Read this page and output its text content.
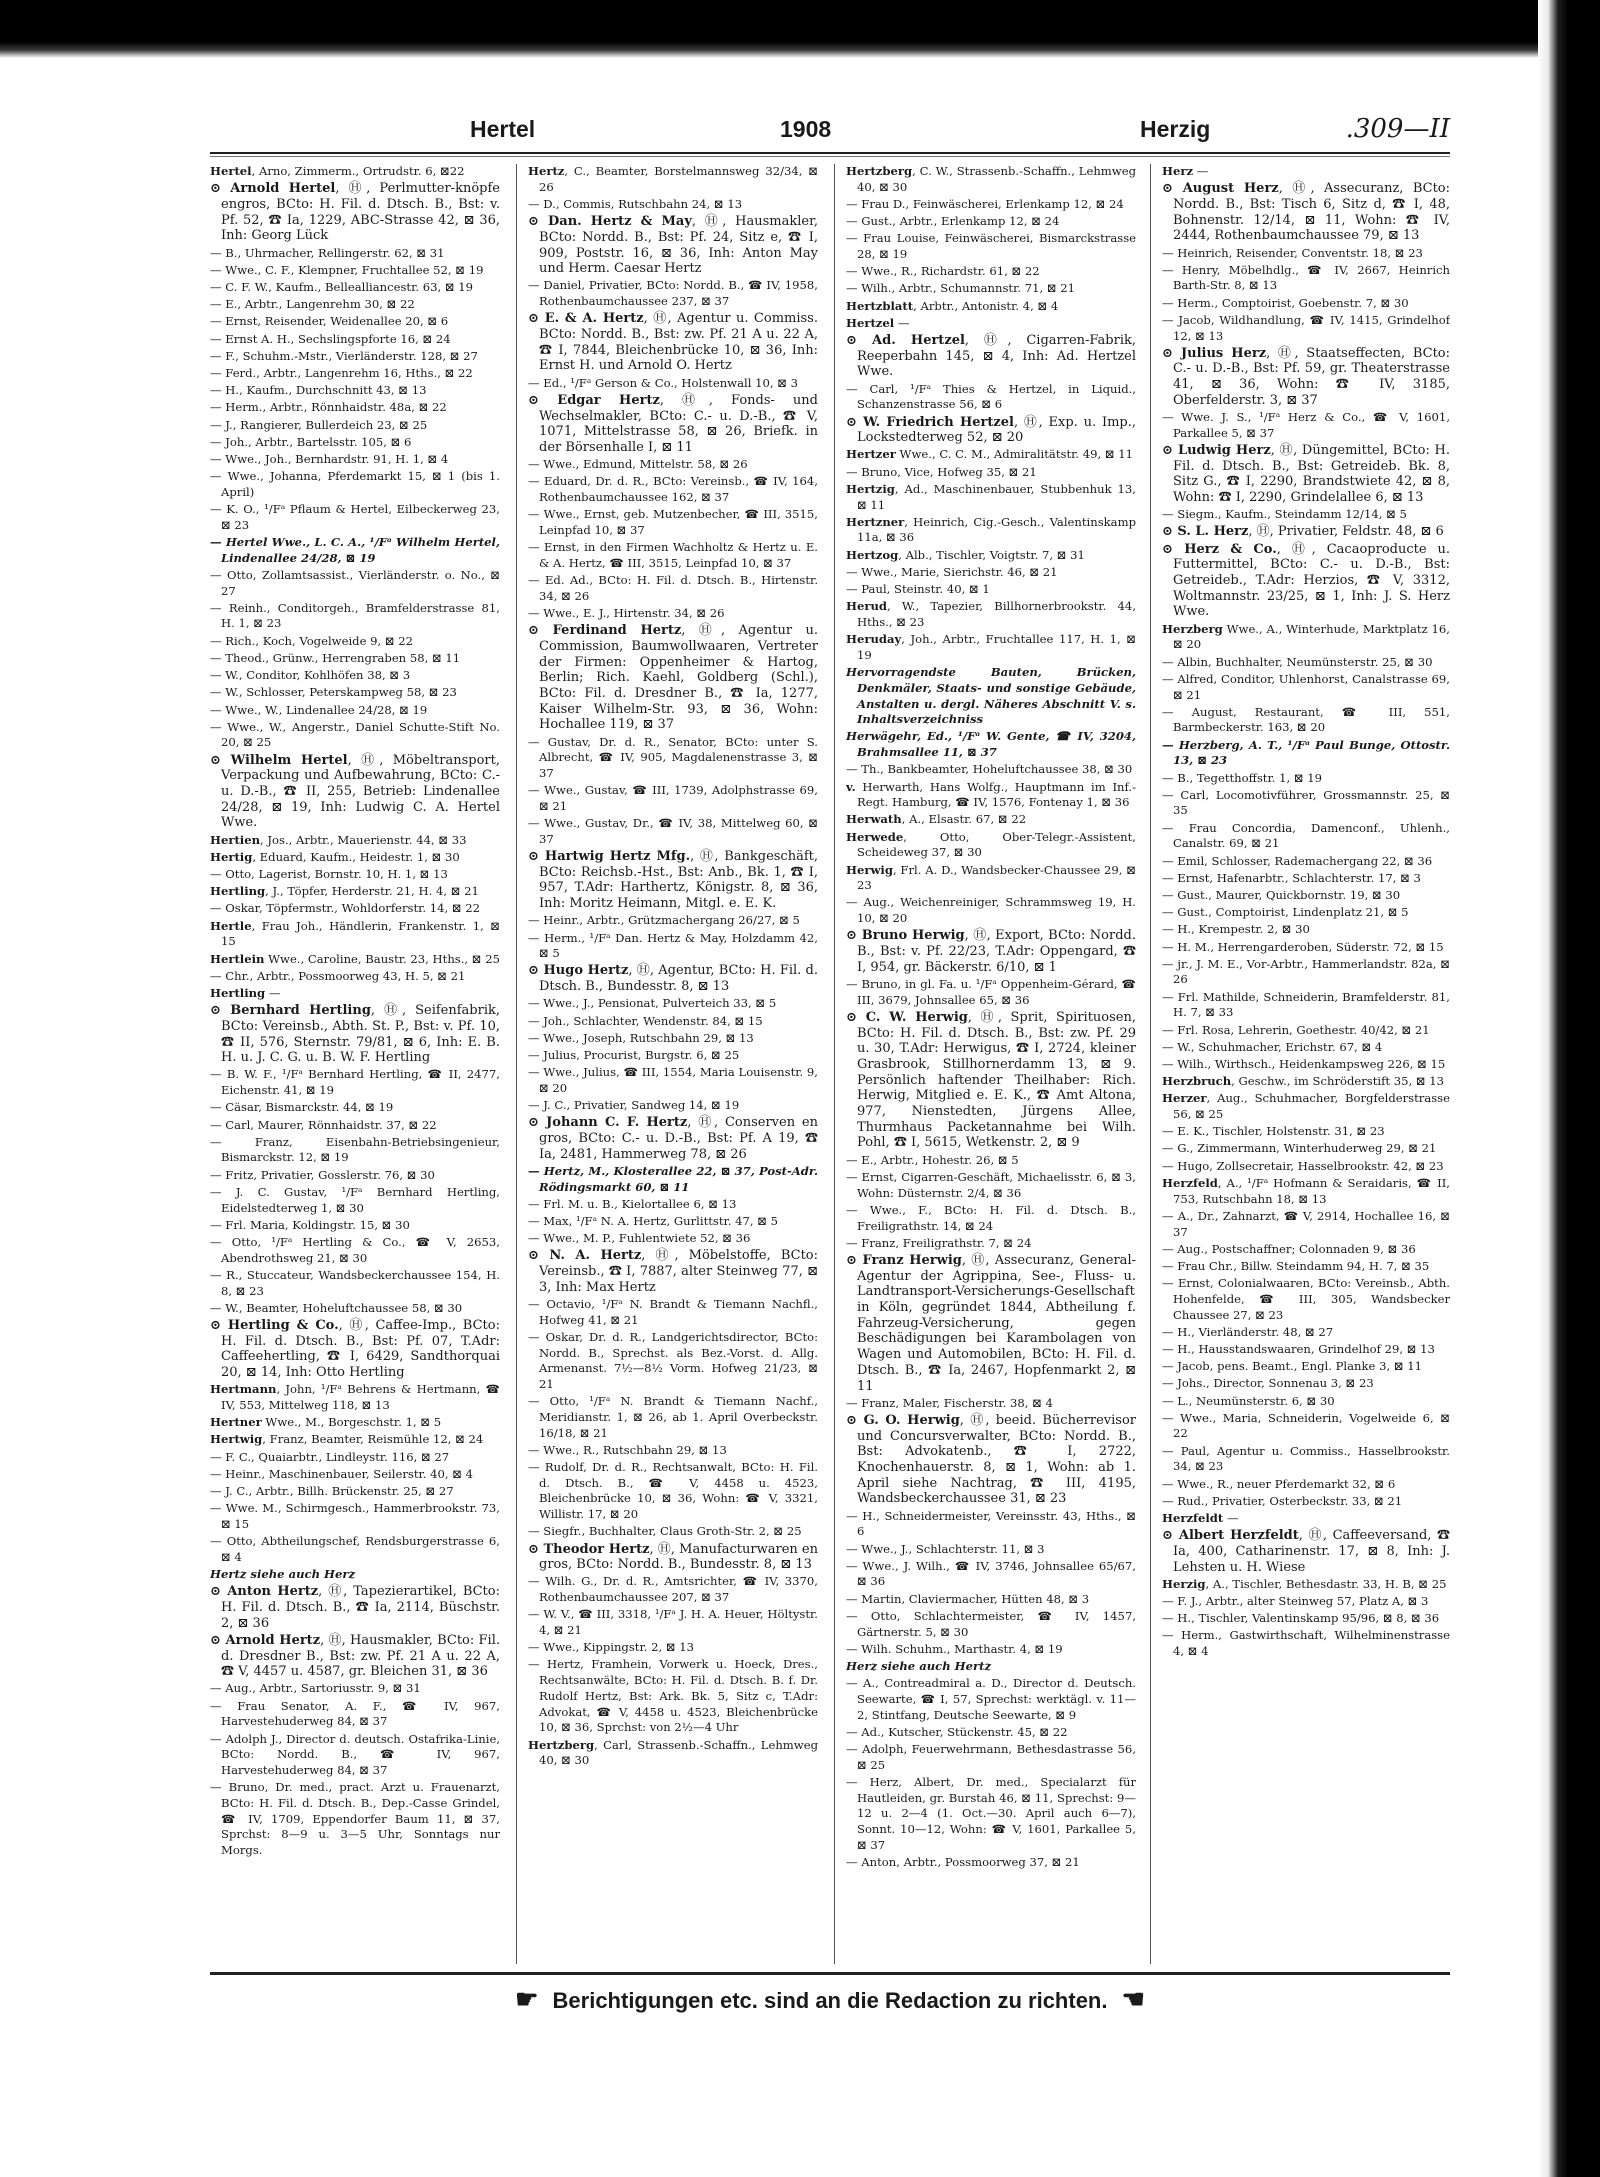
Hertel	1908	Herzig	.309—II

Hertel, Arno, Zimmerm., Ortrudstr. 6, ⊠22

⊙ Arnold Hertel, Ⓗ, Perlmutter-knöpfe engros, BCto: H. Fil. d. Dtsch. B., Bst: v. Pf. 52, ☎ Ia, 1229, ABC-Strasse 42, ⊠ 36, Inh: Georg Lück

— B., Uhrmacher, Rellingerstr. 62, ⊠ 31

— Wwe., C. F., Klempner, Fruchtallee 52, ⊠ 19

— C. F. W., Kaufm., Bellealliancestr. 63, ⊠ 19

— E., Arbtr., Langenrehm 30, ⊠ 22

— Ernst, Reisender, Weidenallee 20, ⊠ 6

— Ernst A. H., Sechslingspforte 16, ⊠ 24

— F., Schuhm.-Mstr., Vierländerstr. 128, ⊠ 27

— Ferd., Arbtr., Langenrehm 16, Hths., ⊠ 22

— H., Kaufm., Durchschnitt 43, ⊠ 13

— Herm., Arbtr., Rönnhaidstr. 48a, ⊠ 22

— J., Rangierer, Bullerdeich 23, ⊠ 25

— Joh., Arbtr., Bartelsstr. 105, ⊠ 6

— Wwe., Joh., Bernhardstr. 91, H. 1, ⊠ 4

— Wwe., Johanna, Pferdemarkt 15, ⊠ 1 (bis 1. April)

— K. O., ¹/Fᵃ Pflaum & Hertel, Eilbeckerweg 23, ⊠ 23

— Hertel Wwe., L. C. A., ¹/Fᵃ Wilhelm Hertel, Lindenallee 24/28, ⊠ 19

— Otto, Zollamtsassist., Vierländerstr. o. No., ⊠ 27

— Reinh., Conditorgeh., Bramfelderstrasse 81, H. 1, ⊠ 23

— Rich., Koch, Vogelweide 9, ⊠ 22

— Theod., Grünw., Herrengraben 58, ⊠ 11

— W., Conditor, Kohlhöfen 38, ⊠ 3

— W., Schlosser, Peterskampweg 58, ⊠ 23

— Wwe., W., Lindenallee 24/28, ⊠ 19

— Wwe., W., Angerstr., Daniel Schutte-Stift No. 20, ⊠ 25

⊙ Wilhelm Hertel, Ⓗ, Möbeltransport, Verpackung und Aufbewahrung, BCto: C.- u. D.-B., ☎ II, 255, Betrieb: Lindenallee 24/28, ⊠ 19, Inh: Ludwig C. A. Hertel Wwe.

Hertien, Jos., Arbtr., Mauerienstr. 44, ⊠ 33

Hertig, Eduard, Kaufm., Heidestr. 1, ⊠ 30

— Otto, Lagerist, Bornstr. 10, H. 1, ⊠ 13

Hertling, J., Töpfer, Herderstr. 21, H. 4, ⊠ 21

— Oskar, Töpfermstr., Wohldorferstr. 14, ⊠ 22

Hertle, Frau Joh., Händlerin, Frankenstr. 1, ⊠ 15

Hertlein Wwe., Caroline, Baustr. 23, Hths., ⊠ 25

— Chr., Arbtr., Possmoorweg 43, H. 5, ⊠ 21

Hertling —

⊙ Bernhard Hertling, Ⓗ, Seifenfabrik, BCto: Vereinsb., Abth. St. P., Bst: v. Pf. 10, ☎ II, 576, Sternstr. 79/81, ⊠ 6, Inh: E. B. H. u. J. C. G. u. B. W. F. Hertling

— B. W. F., ¹/Fᵃ Bernhard Hertling, ☎ II, 2477, Eichenstr. 41, ⊠ 19

— Cäsar, Bismarckstr. 44, ⊠ 19

— Carl, Maurer, Rönnhaidstr. 37, ⊠ 22

— Franz, Eisenbahn-Betriebsingenieur, Bismarckstr. 12, ⊠ 19

— Fritz, Privatier, Gosslerstr. 76, ⊠ 30

— J. C. Gustav, ¹/Fᵃ Bernhard Hertling, Eidelstedterweg 1, ⊠ 30

— Frl. Maria, Koldingstr. 15, ⊠ 30

— Otto, ¹/Fᵃ Hertling & Co., ☎ V, 2653, Abendrothsweg 21, ⊠ 30

— R., Stuccateur, Wandsbeckerchaussee 154, H. 8, ⊠ 23

— W., Beamter, Hoheluftchaussee 58, ⊠ 30

⊙ Hertling & Co., Ⓗ, Caffee-Imp., BCto: H. Fil. d. Dtsch. B., Bst: Pf. 07, T.Adr: Caffeehertling, ☎ I, 6429, Sandthorquai 20, ⊠ 14, Inh: Otto Hertling

Hertmann, John, ¹/Fᵃ Behrens & Hertmann, ☎ IV, 553, Mittelweg 118, ⊠ 13

Hertner Wwe., M., Borgeschstr. 1, ⊠ 5

Hertwig, Franz, Beamter, Reismühle 12, ⊠ 24

— F. C., Quaiarbtr., Lindleystr. 116, ⊠ 27

— Heinr., Maschinenbauer, Seilerstr. 40, ⊠ 4

— J. C., Arbtr., Billh. Brückenstr. 25, ⊠ 27

— Wwe. M., Schirmgesch., Hammerbrookstr. 73, ⊠ 15

— Otto, Abtheilungschef, Rendsburgerstrasse 6, ⊠ 4

Hertz siehe auch Herz

⊙ Anton Hertz, Ⓗ, Tapezierartikel, BCto: H. Fil. d. Dtsch. B., ☎ Ia, 2114, Büschstr. 2, ⊠ 36

⊙ Arnold Hertz, Ⓗ, Hausmakler, BCto: Fil. d. Dresdner B., Bst: zw. Pf. 21 A u. 22 A, ☎ V, 4457 u. 4587, gr. Bleichen 31, ⊠ 36

— Aug., Arbtr., Sartoriusstr. 9, ⊠ 31

— Frau Senator, A. F., ☎ IV, 967, Harvestehuderweg 84, ⊠ 37

— Adolph J., Director d. deutsch. Ostafrika-Linie, BCto: Nordd. B., ☎ IV, 967, Harvestehuderweg 84, ⊠ 37

— Bruno, Dr. med., pract. Arzt u. Frauenarzt, BCto: H. Fil. d. Dtsch. B., Dep.-Casse Grindel, ☎ IV, 1709, Eppendorfer Baum 11, ⊠ 37, Sprchst: 8—9 u. 3—5 Uhr, Sonntags nur Morgs.

Hertz, C., Beamter, Borstelmannsweg 32/34, ⊠ 26

— D., Commis, Rutschbahn 24, ⊠ 13

⊙ Dan. Hertz & May, Ⓗ, Hausmakler, BCto: Nordd. B., Bst: Pf. 24, Sitz e, ☎ I, 909, Poststr. 16, ⊠ 36, Inh: Anton May und Herm. Caesar Hertz

— Daniel, Privatier, BCto: Nordd. B., ☎ IV, 1958, Rothenbaumchaussee 237, ⊠ 37

⊙ E. & A. Hertz, Ⓗ, Agentur u. Commiss. BCto: Nordd. B., Bst: zw. Pf. 21 A u. 22 A, ☎ I, 7844, Bleichenbrücke 10, ⊠ 36, Inh: Ernst H. und Arnold O. Hertz

— Ed., ¹/Fᵃ Gerson & Co., Holstenwall 10, ⊠ 3

⊙ Edgar Hertz, Ⓗ, Fonds- und Wechselmakler, BCto: C.- u. D.-B., ☎ V, 1071, Mittelstrasse 58, ⊠ 26, Briefk. in der Börsenhalle I, ⊠ 11

— Wwe., Edmund, Mittelstr. 58, ⊠ 26

— Eduard, Dr. d. R., BCto: Vereinsb., ☎ IV, 164, Rothenbaumchaussee 162, ⊠ 37

— Wwe., Ernst, geb. Mutzenbecher, ☎ III, 3515, Leinpfad 10, ⊠ 37

— Ernst, in den Firmen Wachholtz & Hertz u. E. & A. Hertz, ☎ III, 3515, Leinpfad 10, ⊠ 37

— Ed. Ad., BCto: H. Fil. d. Dtsch. B., Hirtenstr. 34, ⊠ 26

— Wwe., E. J., Hirtenstr. 34, ⊠ 26

⊙ Ferdinand Hertz, Ⓗ, Agentur u. Commission, Baumwollwaaren, Vertreter der Firmen: Oppenheimer & Hartog, Berlin; Rich. Kaehl, Goldberg (Schl.), BCto: Fil. d. Dresdner B., ☎ Ia, 1277, Kaiser Wilhelm-Str. 93, ⊠ 36, Wohn: Hochallee 119, ⊠ 37

— Gustav, Dr. d. R., Senator, BCto: unter S. Albrecht, ☎ IV, 905, Magdalenenstrasse 3, ⊠ 37

— Wwe., Gustav, ☎ III, 1739, Adolphstrasse 69, ⊠ 21

— Wwe., Gustav, Dr., ☎ IV, 38, Mittelweg 60, ⊠ 37

⊙ Hartwig Hertz Mfg., Ⓗ, Bankgeschäft, BCto: Reichsb.-Hst., Bst: Anb., Bk. 1, ☎ I, 957, T.Adr: Harthertz, Königstr. 8, ⊠ 36, Inh: Moritz Heimann, Mitgl. e. E. K.

— Heinr., Arbtr., Grützmachergang 26/27, ⊠ 5

— Herm., ¹/Fᵃ Dan. Hertz & May, Holzdamm 42, ⊠ 5

⊙ Hugo Hertz, Ⓗ, Agentur, BCto: H. Fil. d. Dtsch. B., Bundesstr. 8, ⊠ 13

— Wwe., J., Pensionat, Pulverteich 33, ⊠ 5

— Joh., Schlachter, Wendenstr. 84, ⊠ 15

— Wwe., Joseph, Rutschbahn 29, ⊠ 13

— Julius, Procurist, Burgstr. 6, ⊠ 25

— Wwe., Julius, ☎ III, 1554, Maria Louisenstr. 9, ⊠ 20

— J. C., Privatier, Sandweg 14, ⊠ 19

⊙ Johann C. F. Hertz, Ⓗ, Conserven en gros, BCto: C.- u. D.-B., Bst: Pf. A 19, ☎ Ia, 2481, Hammerweg 78, ⊠ 26

— Hertz, M., Klosterallee 22, ⊠ 37, Post-Adr. Rödingsmarkt 60, ⊠ 11

— Frl. M. u. B., Kielortallee 6, ⊠ 13

— Max, ¹/Fᵃ N. A. Hertz, Gurlittstr. 47, ⊠ 5

— Wwe., M. P., Fuhlentwiete 52, ⊠ 36

⊙ N. A. Hertz, Ⓗ, Möbelstoffe, BCto: Vereinsb., ☎ I, 7887, alter Steinweg 77, ⊠ 3, Inh: Max Hertz

— Octavio, ¹/Fᵃ N. Brandt & Tiemann Nachfl., Hofweg 41, ⊠ 21

— Oskar, Dr. d. R., Landgerichtsdirector, BCto: Nordd. B., Sprechst. als Bez.-Vorst. d. Allg. Armenanst. 7½—8½ Vorm. Hofweg 21/23, ⊠ 21

— Otto, ¹/Fᵃ N. Brandt & Tiemann Nachf., Meridianstr. 1, ⊠ 26, ab 1. April Overbeckstr. 16/18, ⊠ 21

— Wwe., R., Rutschbahn 29, ⊠ 13

— Rudolf, Dr. d. R., Rechtsanwalt, BCto: H. Fil. d. Dtsch. B., ☎ V, 4458 u. 4523, Bleichenbrücke 10, ⊠ 36, Wohn: ☎ V, 3321, Willistr. 17, ⊠ 20

— Siegfr., Buchhalter, Claus Groth-Str. 2, ⊠ 25

⊙ Theodor Hertz, Ⓗ, Manufacturwaren en gros, BCto: Nordd. B., Bundesstr. 8, ⊠ 13

— Wilh. G., Dr. d. R., Amtsrichter, ☎ IV, 3370, Rothenbaumchaussee 207, ⊠ 37

— W. V., ☎ III, 3318, ¹/Fᵃ J. H. A. Heuer, Höltystr. 4, ⊠ 21

— Wwe., Kippingstr. 2, ⊠ 13

— Hertz, Framhein, Vorwerk u. Hoeck, Dres., Rechtsanwälte, BCto: H. Fil. d. Dtsch. B. f. Dr. Rudolf Hertz, Bst: Ark. Bk. 5, Sitz c, T.Adr: Advokat, ☎ V, 4458 u. 4523, Bleichenbrücke 10, ⊠ 36, Sprchst: von 2½—4 Uhr

Hertzberg, Carl, Strassenb.-Schaffn., Lehmweg 40, ⊠ 30

Hertzberg, C. W., Strassenb.-Schaffn., Lehmweg 40, ⊠ 30

— Frau D., Feinwäscherei, Erlenkamp 12, ⊠ 24

— Gust., Arbtr., Erlenkamp 12, ⊠ 24

— Frau Louise, Feinwäscherei, Bismarckstrasse 28, ⊠ 19

— Wwe., R., Richardstr. 61, ⊠ 22

— Wilh., Arbtr., Schumannstr. 71, ⊠ 21

Hertzblatt, Arbtr., Antonistr. 4, ⊠ 4

Hertzel —

⊙ Ad. Hertzel, Ⓗ, Cigarren-Fabrik, Reeperbahn 145, ⊠ 4, Inh: Ad. Hertzel Wwe.

— Carl, ¹/Fᵃ Thies & Hertzel, in Liquid., Schanzenstrasse 56, ⊠ 6

⊙ W. Friedrich Hertzel, Ⓗ, Exp. u. Imp., Lockstedterweg 52, ⊠ 20

Hertzer Wwe., C. C. M., Admiralitätstr. 49, ⊠ 11

— Bruno, Vice, Hofweg 35, ⊠ 21

Hertzig, Ad., Maschinenbauer, Stubbenhuk 13, ⊠ 11

Hertzner, Heinrich, Cig.-Gesch., Valentinskamp 11a, ⊠ 36

Hertzog, Alb., Tischler, Voigtstr. 7, ⊠ 31

— Wwe., Marie, Sierichstr. 46, ⊠ 21

— Paul, Steinstr. 40, ⊠ 1

Herud, W., Tapezier, Billhornerbrookstr. 44, Hths., ⊠ 23

Heruday, Joh., Arbtr., Fruchtallee 117, H. 1, ⊠ 19

Hervorragendste Bauten, Brücken, Denkmäler, Staats- und sonstige Gebäude, Anstalten u. dergl. Näheres Abschnitt V. s. Inhaltsverzeichniss

Herwägehr, Ed., ¹/Fᵃ W. Gente, ☎ IV, 3204, Brahmsallee 11, ⊠ 37

— Th., Bankbeamter, Hoheluftchaussee 38, ⊠ 30

v. Herwarth, Hans Wolfg., Hauptmann im Inf.-Regt. Hamburg, ☎ IV, 1576, Fontenay 1, ⊠ 36

Herwath, A., Elsastr. 67, ⊠ 22

Herwede, Otto, Ober-Telegr.-Assistent, Scheideweg 37, ⊠ 30

Herwig, Frl. A. D., Wandsbecker-Chaussee 29, ⊠ 23

— Aug., Weichenreiniger, Schrammsweg 19, H. 10, ⊠ 20

⊙ Bruno Herwig, Ⓗ, Export, BCto: Nordd. B., Bst: v. Pf. 22/23, T.Adr: Oppengard, ☎ I, 954, gr. Bäckerstr. 6/10, ⊠ 1

— Bruno, in gl. Fa. u. ¹/Fᵃ Oppenheim-Gérard, ☎ III, 3679, Johnsallee 65, ⊠ 36

⊙ C. W. Herwig, Ⓗ, Sprit, Spirituosen, BCto: H. Fil. d. Dtsch. B., Bst: zw. Pf. 29 u. 30, T.Adr: Herwigus, ☎ I, 2724, kleiner Grasbrook, Stillhornerdamm 13, ⊠ 9. Persönlich haftender Theilhaber: Rich. Herwig, Mitglied e. E. K., ☎ Amt Altona, 977, Nienstedten, Jürgens Allee, Thurmhaus Packetannahme bei Wilh. Pohl, ☎ I, 5615, Wetkenstr. 2, ⊠ 9

— E., Arbtr., Hohestr. 26, ⊠ 5

— Ernst, Cigarren-Geschäft, Michaelisstr. 6, ⊠ 3, Wohn: Düsternstr. 2/4, ⊠ 36

— Wwe., F., BCto: H. Fil. d. Dtsch. B., Freiligrathstr. 14, ⊠ 24

— Franz, Freiligrathstr. 7, ⊠ 24

⊙ Franz Herwig, Ⓗ, Assecuranz, General-Agentur der Agrippina, See-, Fluss- u. Landtransport-Versicherungs-Gesellschaft in Köln, gegründet 1844, Abtheilung f. Fahrzeug-Versicherung, gegen Beschädigungen bei Karambolagen von Wagen und Automobilen, BCto: H. Fil. d. Dtsch. B., ☎ Ia, 2467, Hopfenmarkt 2, ⊠ 11

— Franz, Maler, Fischerstr. 38, ⊠ 4

⊙ G. O. Herwig, Ⓗ, beeid. Bücherrevisor und Concursverwalter, BCto: Nordd. B., Bst: Advokatenb., ☎ I, 2722, Knochenhauerstr. 8, ⊠ 1, Wohn: ab 1. April siehe Nachtrag, ☎ III, 4195, Wandsbeckerchaussee 31, ⊠ 23

— H., Schneidermeister, Vereinsstr. 43, Hths., ⊠ 6

— Wwe., J., Schlachterstr. 11, ⊠ 3

— Wwe., J. Wilh., ☎ IV, 3746, Johnsallee 65/67, ⊠ 36

— Martin, Claviermacher, Hütten 48, ⊠ 3

— Otto, Schlachtermeister, ☎ IV, 1457, Gärtnerstr. 5, ⊠ 30

— Wilh. Schuhm., Marthastr. 4, ⊠ 19

Herz siehe auch Hertz

— A., Contreadmiral a. D., Director d. Deutsch. Seewarte, ☎ I, 57, Sprechst: werktägl. v. 11—2, Stintfang, Deutsche Seewarte, ⊠ 9

— Ad., Kutscher, Stückenstr. 45, ⊠ 22

— Adolph, Feuerwehrmann, Bethesdastrasse 56, ⊠ 25

— Herz, Albert, Dr. med., Specialarzt für Hautleiden, gr. Burstah 46, ⊠ 11, Sprechst: 9—12 u. 2—4 (1. Oct.—30. April auch 6—7), Sonnt. 10—12, Wohn: ☎ V, 1601, Parkallee 5, ⊠ 37

— Anton, Arbtr., Possmoorweg 37, ⊠ 21

Herz —

⊙ August Herz, Ⓗ, Assecuranz, BCto: Nordd. B., Bst: Tisch 6, Sitz d, ☎ I, 48, Bohnenstr. 12/14, ⊠ 11, Wohn: ☎ IV, 2444, Rothenbaumchaussee 79, ⊠ 13

— Heinrich, Reisender, Conventstr. 18, ⊠ 23

— Henry, Möbelhdlg., ☎ IV, 2667, Heinrich Barth-Str. 8, ⊠ 13

— Herm., Comptoirist, Goebenstr. 7, ⊠ 30

— Jacob, Wildhandlung, ☎ IV, 1415, Grindelhof 12, ⊠ 13

⊙ Julius Herz, Ⓗ, Staatseffecten, BCto: C.- u. D.-B., Bst: Pf. 59, gr. Theaterstrasse 41, ⊠ 36, Wohn: ☎ IV, 3185, Oberfelderstr. 3, ⊠ 37

— Wwe. J. S., ¹/Fᵃ Herz & Co., ☎ V, 1601, Parkallee 5, ⊠ 37

⊙ Ludwig Herz, Ⓗ, Düngemittel, BCto: H. Fil. d. Dtsch. B., Bst: Getreideb. Bk. 8, Sitz G., ☎ I, 2290, Brandstwiete 42, ⊠ 8, Wohn: ☎ I, 2290, Grindelallee 6, ⊠ 13

— Siegm., Kaufm., Steindamm 12/14, ⊠ 5

⊙ S. L. Herz, Ⓗ, Privatier, Feldstr. 48, ⊠ 6

⊙ Herz & Co., Ⓗ, Cacaoproducte u. Futtermittel, BCto: C.- u. D.-B., Bst: Getreideb., T.Adr: Herzios, ☎ V, 3312, Woltmannstr. 23/25, ⊠ 1, Inh: J. S. Herz Wwe.

Herzberg Wwe., A., Winterhude, Marktplatz 16, ⊠ 20

— Albin, Buchhalter, Neumünsterstr. 25, ⊠ 30

— Alfred, Conditor, Uhlenhorst, Canalstrasse 69, ⊠ 21

— August, Restaurant, ☎ III, 551, Barmbeckerstr. 163, ⊠ 20

— Herzberg, A. T., ¹/Fᵃ Paul Bunge, Ottostr. 13, ⊠ 23

— B., Tegetthoffstr. 1, ⊠ 19

— Carl, Locomotivführer, Grossmannstr. 25, ⊠ 35

— Frau Concordia, Damenconf., Uhlenh., Canalstr. 69, ⊠ 21

— Emil, Schlosser, Rademachergang 22, ⊠ 36

— Ernst, Hafenarbtr., Schlachterstr. 17, ⊠ 3

— Gust., Maurer, Quickbornstr. 19, ⊠ 30

— Gust., Comptoirist, Lindenplatz 21, ⊠ 5

— H., Krempestr. 2, ⊠ 30

— H. M., Herrengarderoben, Süderstr. 72, ⊠ 15

— jr., J. M. E., Vor-Arbtr., Hammerlandstr. 82a, ⊠ 26

— Frl. Mathilde, Schneiderin, Bramfelderstr. 81, H. 7, ⊠ 33

— Frl. Rosa, Lehrerin, Goethestr. 40/42, ⊠ 21

— W., Schuhmacher, Erichstr. 67, ⊠ 4

— Wilh., Wirthsch., Heidenkampsweg 226, ⊠ 15

Herzbruch, Geschw., im Schröderstift 35, ⊠ 13

Herzer, Aug., Schuhmacher, Borgfelderstrasse 56, ⊠ 25

— E. K., Tischler, Holstenstr. 31, ⊠ 23

— G., Zimmermann, Winterhuderweg 29, ⊠ 21

— Hugo, Zollsecretair, Hasselbrookstr. 42, ⊠ 23

Herzfeld, A., ¹/Fᵃ Hofmann & Seraidaris, ☎ II, 753, Rutschbahn 18, ⊠ 13

— A., Dr., Zahnarzt, ☎ V, 2914, Hochallee 16, ⊠ 37

— Aug., Postschaffner; Colonnaden 9, ⊠ 36

— Frau Chr., Billw. Steindamm 94, H. 7, ⊠ 35

— Ernst, Colonialwaaren, BCto: Vereinsb., Abth. Hohenfelde, ☎ III, 305, Wandsbecker Chaussee 27, ⊠ 23

— H., Vierländerstr. 48, ⊠ 27

— H., Hausstandswaaren, Grindelhof 29, ⊠ 13

— Jacob, pens. Beamt., Engl. Planke 3, ⊠ 11

— Johs., Director, Sonnenau 3, ⊠ 23

— L., Neumünsterstr. 6, ⊠ 30

— Wwe., Maria, Schneiderin, Vogelweide 6, ⊠ 22

— Paul, Agentur u. Commiss., Hasselbrookstr. 34, ⊠ 23

— Wwe., R., neuer Pferdemarkt 32, ⊠ 6

— Rud., Privatier, Osterbeckstr. 33, ⊠ 21

Herzfeldt —

⊙ Albert Herzfeldt, Ⓗ, Caffeeversand, ☎ Ia, 400, Catharinenstr. 17, ⊠ 8, Inh: J. Lehsten u. H. Wiese

Herzig, A., Tischler, Bethesdastr. 33, H. B, ⊠ 25

— F. J., Arbtr., alter Steinweg 57, Platz A, ⊠ 3

— H., Tischler, Valentinskamp 95/96, ⊠ 8, ⊠ 36

— Herm., Gastwirthschaft, Wilhelminenstrasse 4, ⊠ 4

☛ Berichtigungen etc. sind an die Redaction zu richten. ☚
